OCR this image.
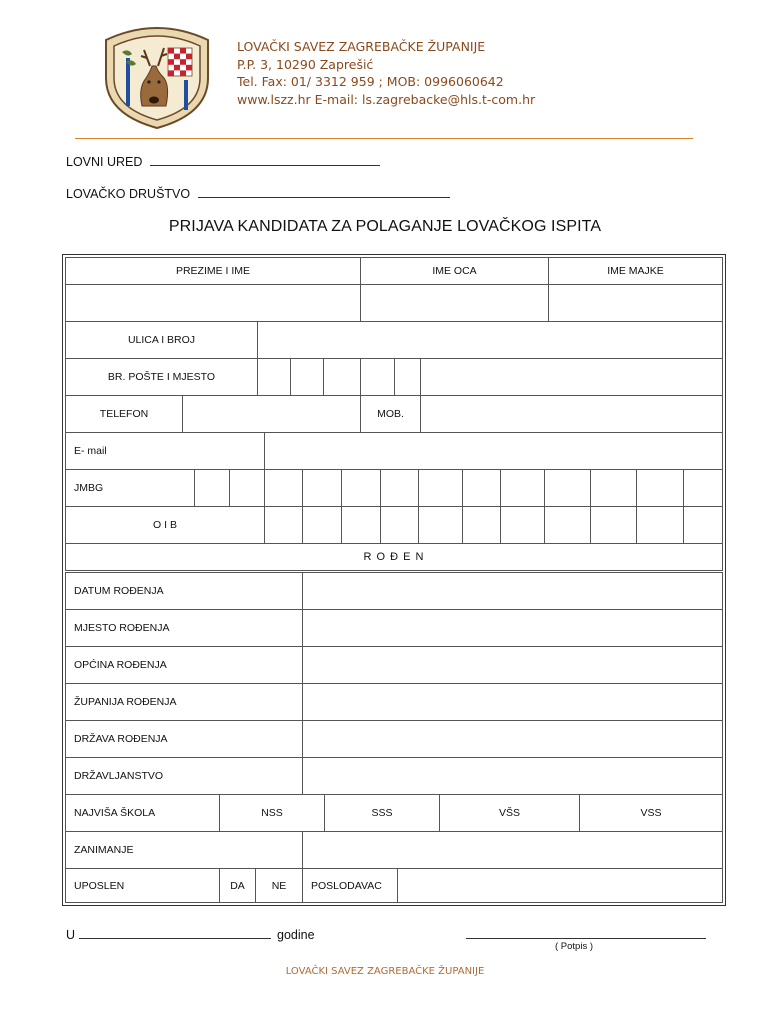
LOVAČKI SAVEZ ZAGREBAČKE ŽUPANIJE
P.P. 3, 10290 Zaprešić
Tel. Fax: 01/ 3312 959 ; MOB: 0996060642
www.lszz.hr E-mail: ls.zagrebacke@hls.t-com.hr
LOVNI URED
LOVAČKO DRUŠTVO
PRIJAVA KANDIDATA ZA POLAGANJE LOVAČKOG ISPITA
PREZIME I IME	IME OCA	IME MAJKE
ULICA I BROJ
BR. POŠTE I MJESTO
TELEFON	MOB.
E- mail
JMBG
O I B
R O Đ E N
DATUM ROĐENJA
MJESTO ROĐENJA
OPĆINA ROĐENJA
ŽUPANIJA ROĐENJA
DRŽAVA ROĐENJA
DRŽAVLJANSTVO
NAJVIŠA ŠKOLA	NSS	SSS	VŠS	VSS
ZANIMANJE
UPOSLEN	DA	NE	POSLODAVAC
U	godine
( Potpis )
LOVAČKI SAVEZ ZAGREBAČKE ŽUPANIJE
